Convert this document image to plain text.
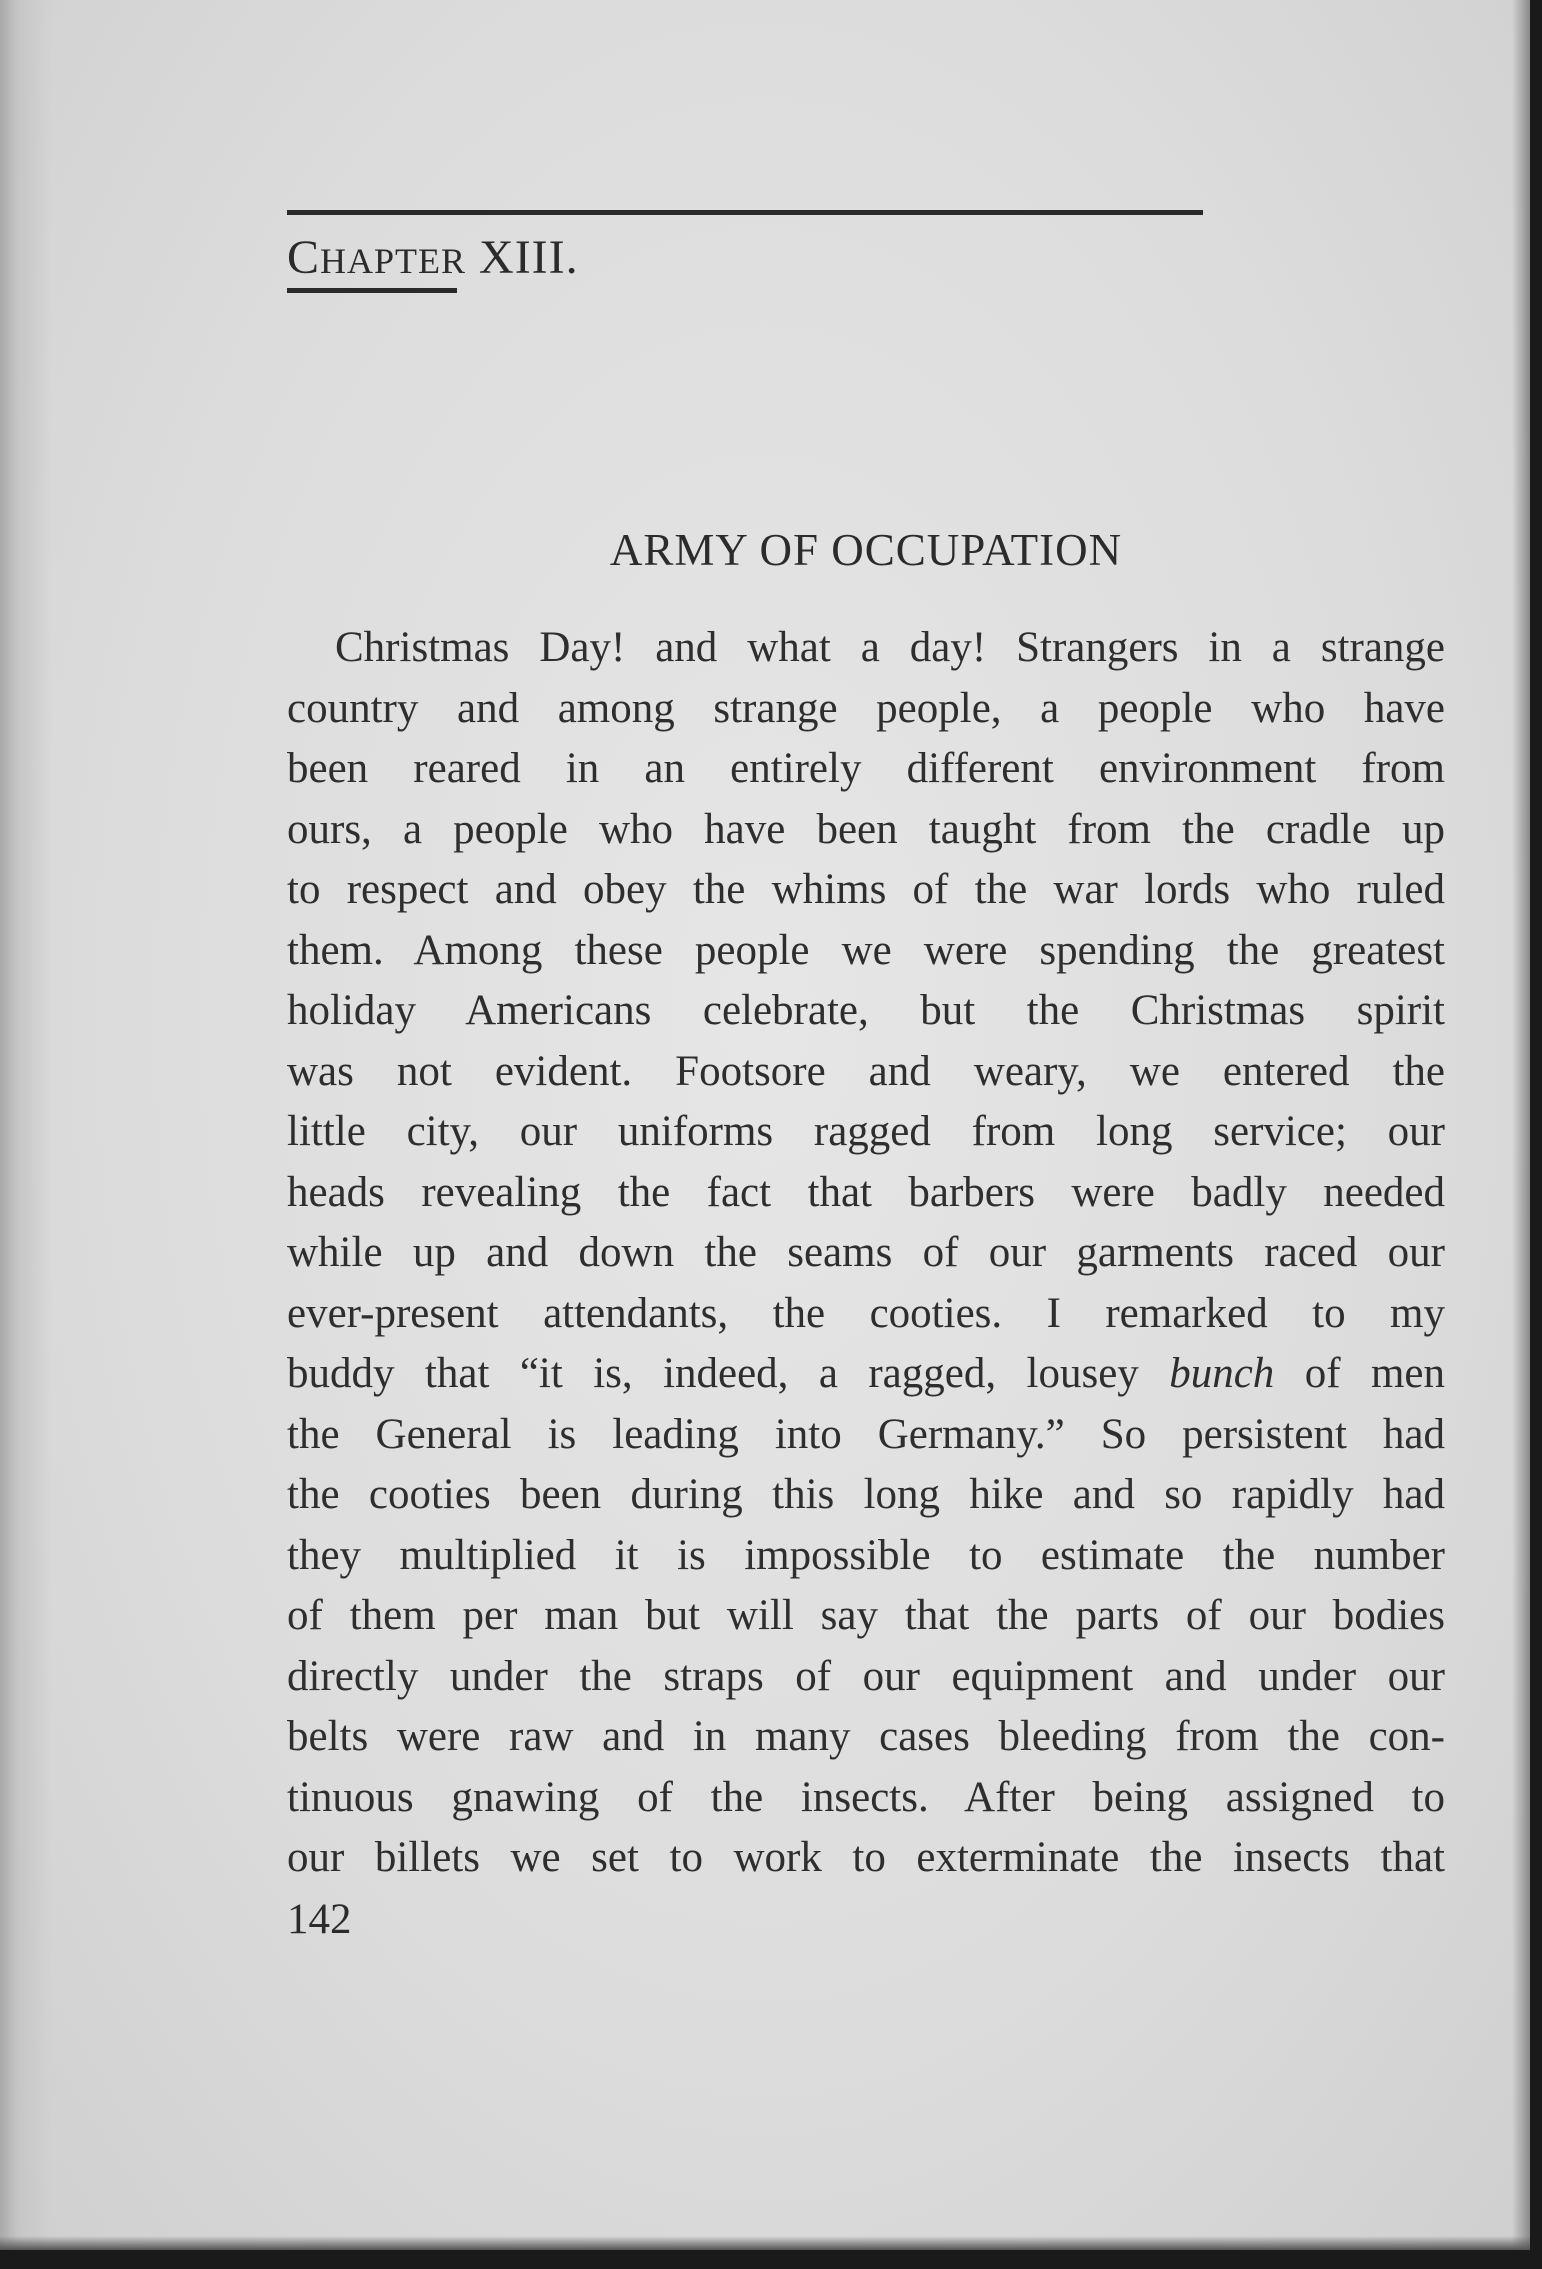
CHAPTER XIII.
ARMY OF OCCUPATION
Christmas Day! and what a day! Strangers in a strange
country and among strange people, a people who have
been reared in an entirely different environment from
ours, a people who have been taught from the cradle up
to respect and obey the whims of the war lords who ruled
them. Among these people we were spending the greatest
holiday Americans celebrate, but the Christmas spirit
was not evident. Footsore and weary, we entered the
little city, our uniforms ragged from long service; our
heads revealing the fact that barbers were badly needed
while up and down the seams of our garments raced our
ever-present attendants, the cooties. I remarked to my
buddy that “it is, indeed, a ragged, lousey bunch of men
the General is leading into Germany.” So persistent had
the cooties been during this long hike and so rapidly had
they multiplied it is impossible to estimate the number
of them per man but will say that the parts of our bodies
directly under the straps of our equipment and under our
belts were raw and in many cases bleeding from the con-
tinuous gnawing of the insects. After being assigned to
our billets we set to work to exterminate the insects that
142
